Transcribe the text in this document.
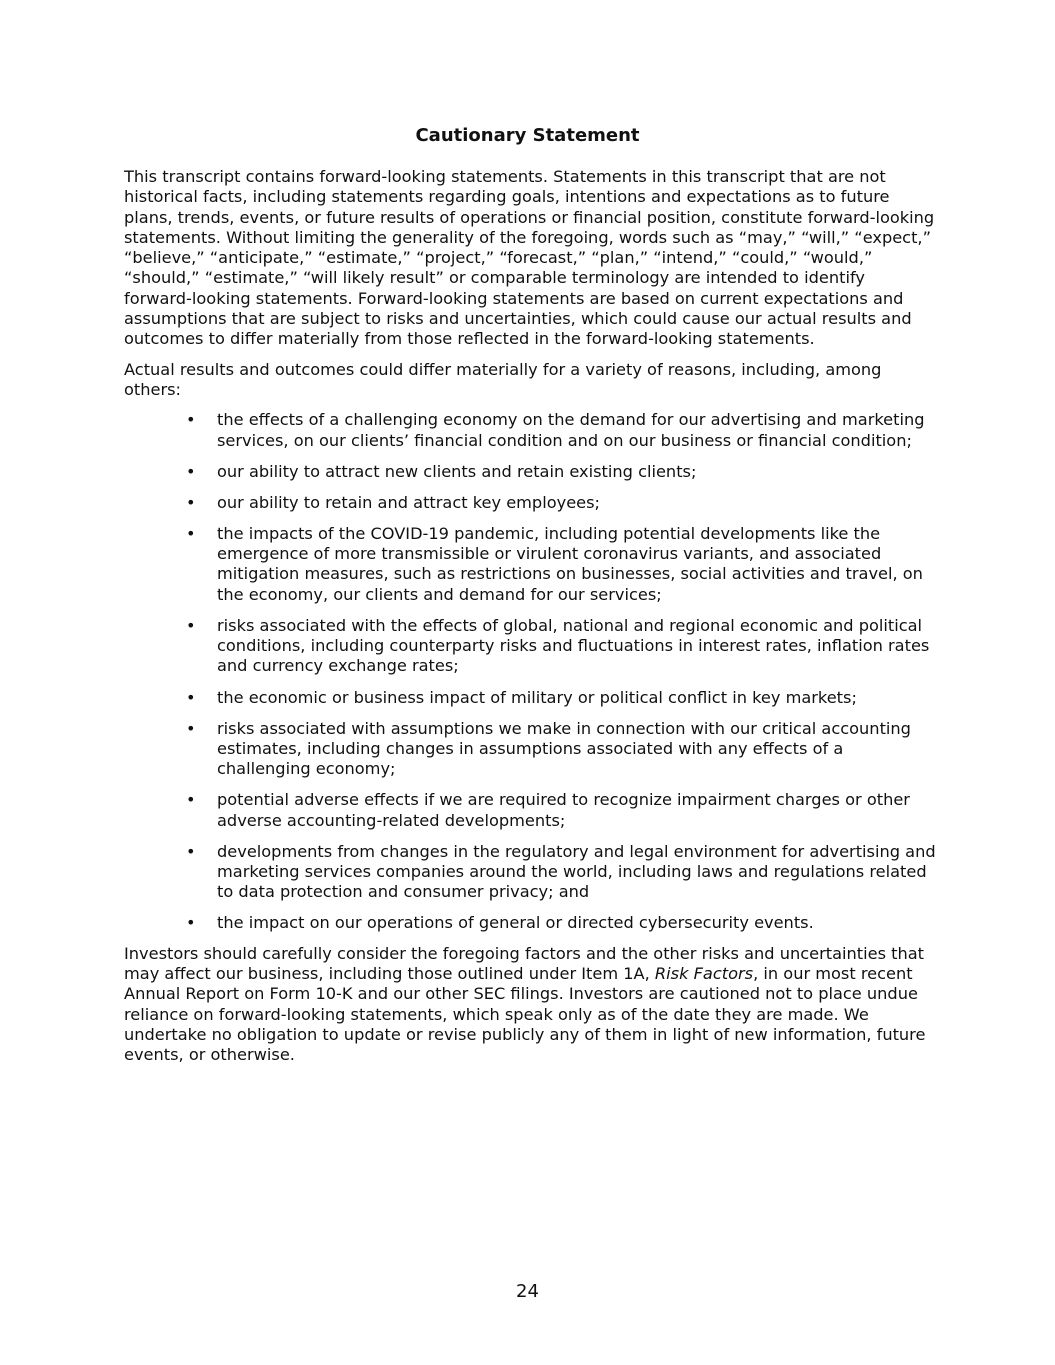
Cautionary Statement

This transcript contains forward-looking statements. Statements in this transcript that are not historical facts, including statements regarding goals, intentions and expectations as to future plans, trends, events, or future results of operations or financial position, constitute forward-looking statements. Without limiting the generality of the foregoing, words such as “may,” “will,” “expect,” “believe,” “anticipate,” “estimate,” “project,” “forecast,” “plan,” “intend,” “could,” “would,” “should,” “estimate,” “will likely result” or comparable terminology are intended to identify forward-looking statements. Forward-looking statements are based on current expectations and assumptions that are subject to risks and uncertainties, which could cause our actual results and outcomes to differ materially from those reflected in the forward-looking statements.

Actual results and outcomes could differ materially for a variety of reasons, including, among others:

• the effects of a challenging economy on the demand for our advertising and marketing services, on our clients’ financial condition and on our business or financial condition;
• our ability to attract new clients and retain existing clients;
• our ability to retain and attract key employees;
• the impacts of the COVID-19 pandemic, including potential developments like the emergence of more transmissible or virulent coronavirus variants, and associated mitigation measures, such as restrictions on businesses, social activities and travel, on the economy, our clients and demand for our services;
• risks associated with the effects of global, national and regional economic and political conditions, including counterparty risks and fluctuations in interest rates, inflation rates and currency exchange rates;
• the economic or business impact of military or political conflict in key markets;
• risks associated with assumptions we make in connection with our critical accounting estimates, including changes in assumptions associated with any effects of a challenging economy;
• potential adverse effects if we are required to recognize impairment charges or other adverse accounting-related developments;
• developments from changes in the regulatory and legal environment for advertising and marketing services companies around the world, including laws and regulations related to data protection and consumer privacy; and
• the impact on our operations of general or directed cybersecurity events.

Investors should carefully consider the foregoing factors and the other risks and uncertainties that may affect our business, including those outlined under Item 1A, Risk Factors, in our most recent Annual Report on Form 10-K and our other SEC filings. Investors are cautioned not to place undue reliance on forward-looking statements, which speak only as of the date they are made. We undertake no obligation to update or revise publicly any of them in light of new information, future events, or otherwise.

24
